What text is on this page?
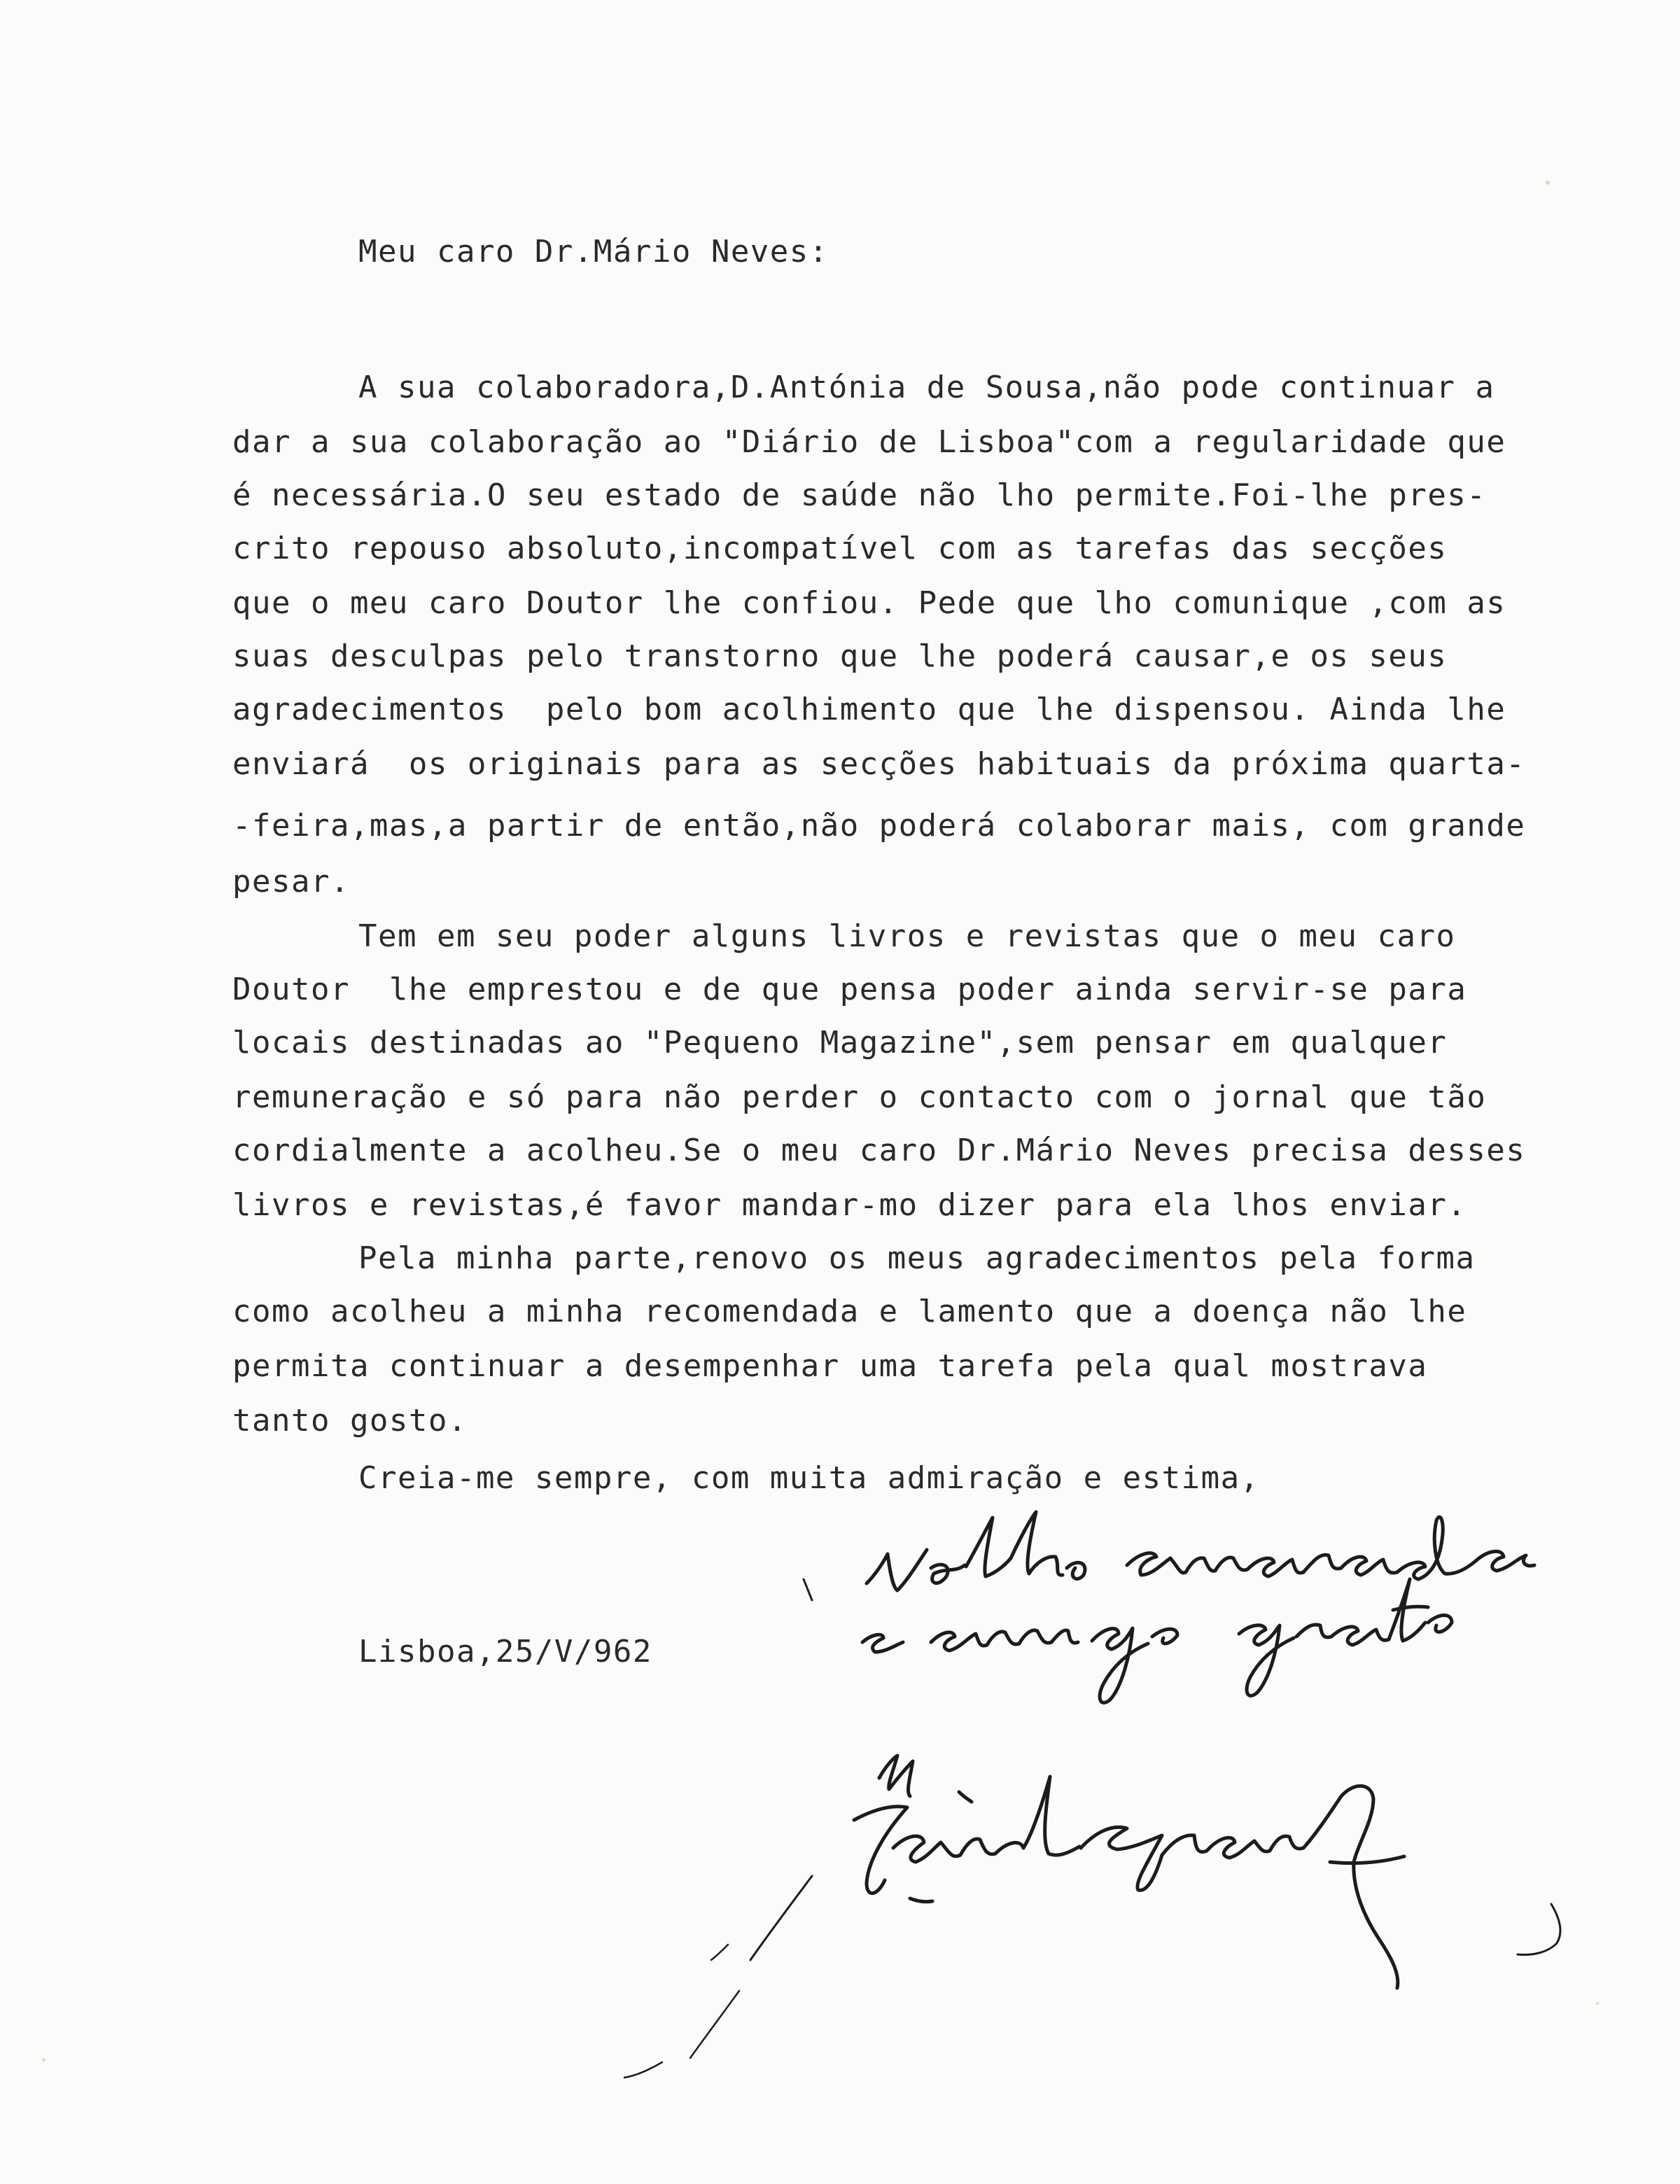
Meu caro Dr.Mário Neves:
A sua colaboradora,D.Antónia de Sousa,não pode continuar a
dar a sua colaboração ao "Diário de Lisboa"com a regularidade que
é necessária.O seu estado de saúde não lho permite.Foi-lhe pres-
crito repouso absoluto,incompatível com as tarefas das secções
que o meu caro Doutor lhe confiou. Pede que lho comunique ,com as
suas desculpas pelo transtorno que lhe poderá causar,e os seus
agradecimentos  pelo bom acolhimento que lhe dispensou. Ainda lhe
enviará  os originais para as secções habituais da próxima quarta-
-feira,mas,a partir de então,não poderá colaborar mais, com grande
pesar.
Tem em seu poder alguns livros e revistas que o meu caro
Doutor  lhe emprestou e de que pensa poder ainda servir-se para
locais destinadas ao "Pequeno Magazine",sem pensar em qualquer
remuneração e só para não perder o contacto com o jornal que tão
cordialmente a acolheu.Se o meu caro Dr.Mário Neves precisa desses
livros e revistas,é favor mandar-mo dizer para ela lhos enviar.
Pela minha parte,renovo os meus agradecimentos pela forma
como acolheu a minha recomendada e lamento que a doença não lhe
permita continuar a desempenhar uma tarefa pela qual mostrava
tanto gosto.
Creia-me sempre, com muita admiração e estima,
Lisboa,25/V/962
